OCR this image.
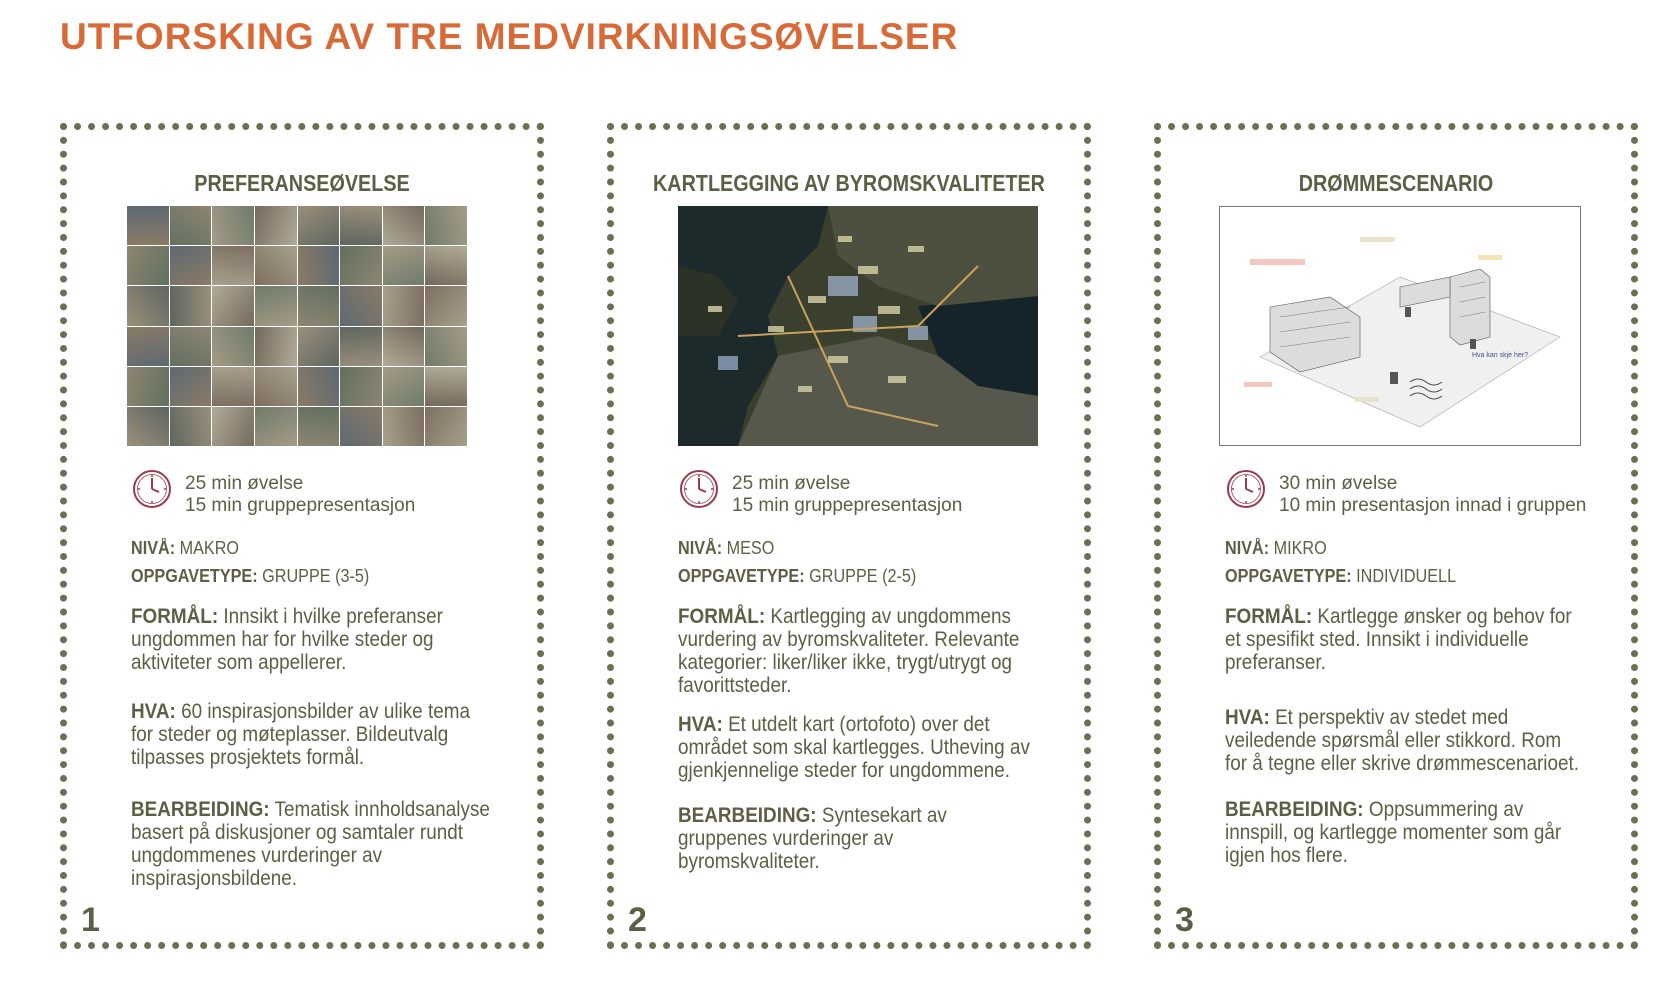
UTFORSKING AV TRE MEDVIRKNINGSØVELSER
PREFERANSEØVELSE
25 min øvelse
15 min gruppepresentasjon
NIVÅ: MAKRO
OPPGAVETYPE: GRUPPE (3-5)
FORMÅL: Innsikt i hvilke preferanser ungdommen har for hvilke steder og aktiviteter som appellerer.
HVA: 60 inspirasjonsbilder av ulike tema for steder og møteplasser. Bildeutvalg tilpasses prosjektets formål.
BEARBEIDING: Tematisk innholdsanalyse basert på diskusjoner og samtaler rundt ungdommenes vurderinger av inspirasjonsbildene.
1
KARTLEGGING AV BYROMSKVALITETER
25 min øvelse
15 min gruppepresentasjon
NIVÅ: MESO
OPPGAVETYPE: GRUPPE (2-5)
FORMÅL: Kartlegging av ungdommens vurdering av byromskvaliteter. Relevante kategorier: liker/liker ikke, trygt/utrygt og favorittsteder.
HVA: Et utdelt kart (ortofoto) over det området som skal kartlegges. Utheving av gjenkjennelige steder for ungdommene.
BEARBEIDING: Syntesekart av gruppenes vurderinger av byromskvaliteter.
2
DRØMMESCENARIO
Hva kan skje her?
30 min øvelse
10 min presentasjon innad i gruppen
NIVÅ: MIKRO
OPPGAVETYPE: INDIVIDUELL
FORMÅL: Kartlegge ønsker og behov for et spesifikt sted. Innsikt i individuelle preferanser.
HVA: Et perspektiv av stedet med veiledende spørsmål eller stikkord. Rom for å tegne eller skrive drømmescenarioet.
BEARBEIDING: Oppsummering av innspill, og kartlegge momenter som går igjen hos flere.
3
